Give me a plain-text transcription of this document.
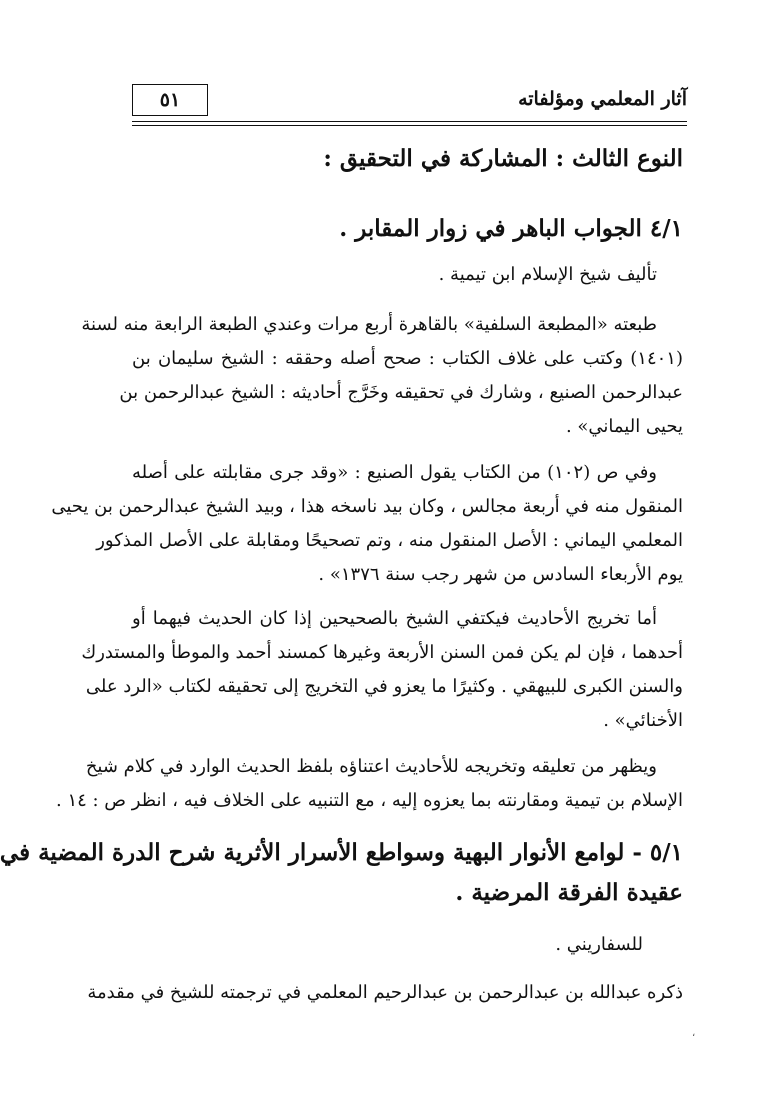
آثار المعلمي ومؤلفاته
٥١
النوع الثالث : المشاركة في التحقيق :
٤/١ الجواب الباهر في زوار المقابر .
تأليف شيخ الإسلام ابن تيمية .
طبعته «المطبعة السلفية» بالقاهرة أربع مرات وعندي الطبعة الرابعة منه لسنة
(١٤٠١) وكتب على غلاف الكتاب : صحح أصله وحققه : الشيخ سليمان بن
عبدالرحمن الصنيع ، وشارك في تحقيقه وخَرَّج أحاديثه : الشيخ عبدالرحمن بن
يحيى اليماني» .
وفي ص (١٠٢) من الكتاب يقول الصنيع : «وقد جرى مقابلته على أصله
المنقول منه في أربعة مجالس ، وكان بيد ناسخه هذا ، وبيد الشيخ عبدالرحمن بن يحيى
المعلمي اليماني : الأصل المنقول منه ، وتم تصحيحًا ومقابلة على الأصل المذكور
يوم الأربعاء السادس من شهر رجب سنة ١٣٧٦» .
أما تخريج الأحاديث فيكتفي الشيخ بالصحيحين إذا كان الحديث فيهما أو
أحدهما ، فإن لم يكن فمن السنن الأربعة وغيرها كمسند أحمد والموطأ والمستدرك
والسنن الكبرى للبيهقي . وكثيرًا ما يعزو في التخريج إلى تحقيقه لكتاب «الرد على
الأخنائي» .
ويظهر من تعليقه وتخريجه للأحاديث اعتناؤه بلفظ الحديث الوارد في كلام شيخ
الإسلام بن تيمية ومقارنته بما يعزوه إليه ، مع التنبيه على الخلاف فيه ، انظر ص : ١٤ .
٥/١ - لوامع الأنوار البهية وسواطع الأسرار الأثرية شرح الدرة المضية في
عقيدة الفرقة المرضية .
للسفاريني .
ذكره عبدالله بن عبدالرحمن بن عبدالرحيم المعلمي في ترجمته للشيخ في مقدمة
،
